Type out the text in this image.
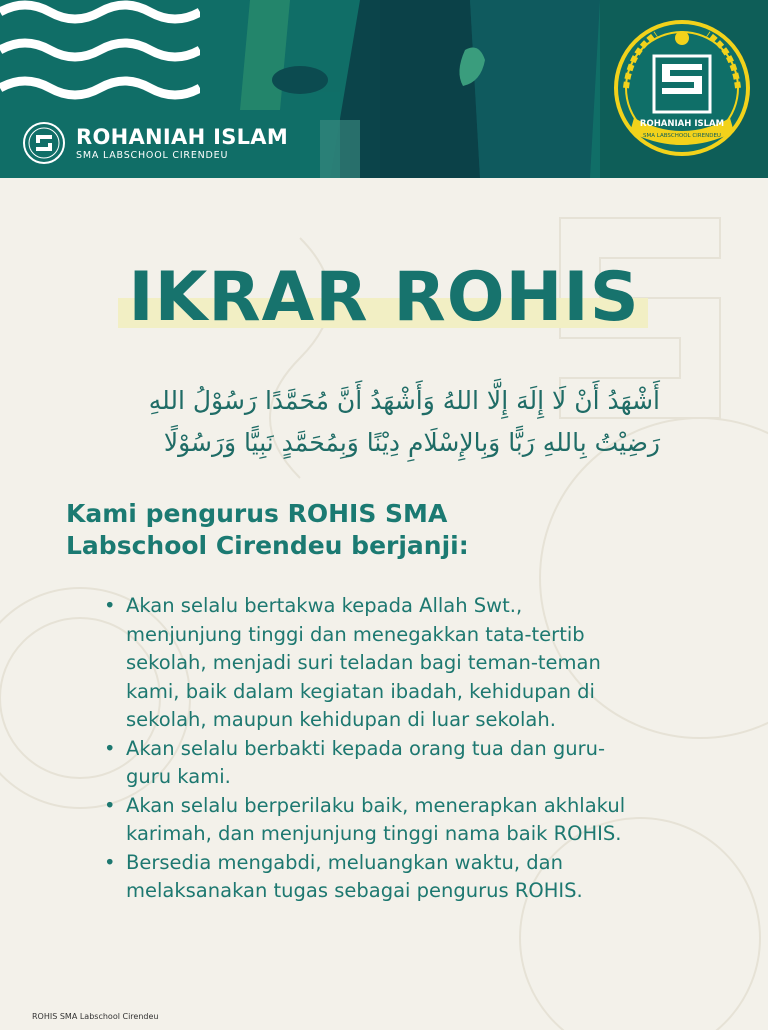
ROHANIAH ISLAM
SMA LABSCHOOL CIRENDEU
ROHANIAH ISLAM
SMA LABSCHOOL CIRENDEU
IKRAR ROHIS
أَشْهَدُ أَنْ لَا إِلَهَ إِلَّا اللهُ وَأَشْهَدُ أَنَّ مُحَمَّدًا رَسُوْلُ اللهِ
رَضِيْتُ بِاللهِ رَبًّا وَبِالإِسْلَامِ دِيْنًا وَبِمُحَمَّدٍ نَبِيًّا وَرَسُوْلًا
Kami pengurus ROHIS SMA
Labschool Cirendeu berjanji:
• Akan selalu bertakwa kepada Allah Swt.,
menjunjung tinggi dan menegakkan tata-tertib
sekolah, menjadi suri teladan bagi teman-teman
kami, baik dalam kegiatan ibadah, kehidupan di
sekolah, maupun kehidupan di luar sekolah.
• Akan selalu berbakti kepada orang tua dan guru-
guru kami.
• Akan selalu berperilaku baik, menerapkan akhlakul
karimah, dan menjunjung tinggi nama baik ROHIS.
• Bersedia mengabdi, meluangkan waktu, dan
melaksanakan tugas sebagai pengurus ROHIS.
ROHIS SMA Labschool Cirendeu
